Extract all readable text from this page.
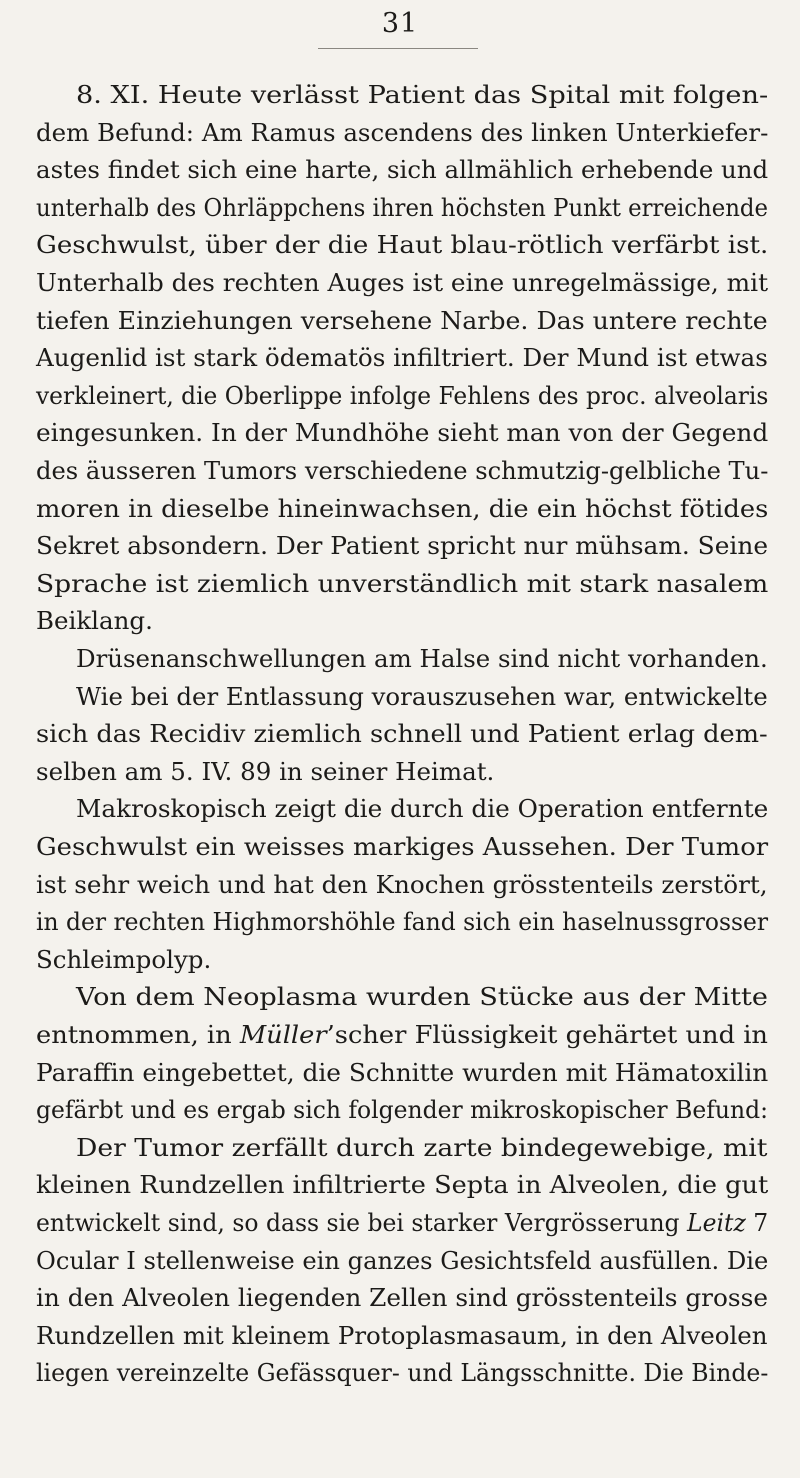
31
8. XI. Heute verlässt Patient das Spital mit folgen-
dem Befund: Am Ramus ascendens des linken Unterkiefer-
astes findet sich eine harte, sich allmählich erhebende und
unterhalb des Ohrläppchens ihren höchsten Punkt erreichende
Geschwulst, über der die Haut blau-rötlich verfärbt ist.
Unterhalb des rechten Auges ist eine unregelmässige, mit
tiefen Einziehungen versehene Narbe. Das untere rechte
Augenlid ist stark ödematös infiltriert. Der Mund ist etwas
verkleinert, die Oberlippe infolge Fehlens des proc. alveolaris
eingesunken. In der Mundhöhe sieht man von der Gegend
des äusseren Tumors verschiedene schmutzig-gelbliche Tu-
moren in dieselbe hineinwachsen, die ein höchst fötides
Sekret absondern. Der Patient spricht nur mühsam. Seine
Sprache ist ziemlich unverständlich mit stark nasalem
Beiklang.
Drüsenanschwellungen am Halse sind nicht vorhanden.
Wie bei der Entlassung vorauszusehen war, entwickelte
sich das Recidiv ziemlich schnell und Patient erlag dem-
selben am 5. IV. 89 in seiner Heimat.
Makroskopisch zeigt die durch die Operation entfernte
Geschwulst ein weisses markiges Aussehen. Der Tumor
ist sehr weich und hat den Knochen grösstenteils zerstört,
in der rechten Highmorshöhle fand sich ein haselnussgrosser
Schleimpolyp.
Von dem Neoplasma wurden Stücke aus der Mitte
entnommen, in Müller’scher Flüssigkeit gehärtet und in
Paraffin eingebettet, die Schnitte wurden mit Hämatoxilin
gefärbt und es ergab sich folgender mikroskopischer Befund:
Der Tumor zerfällt durch zarte bindegewebige, mit
kleinen Rundzellen infiltrierte Septa in Alveolen, die gut
entwickelt sind, so dass sie bei starker Vergrösserung Leitz 7
Ocular I stellenweise ein ganzes Gesichtsfeld ausfüllen. Die
in den Alveolen liegenden Zellen sind grösstenteils grosse
Rundzellen mit kleinem Protoplasmasaum, in den Alveolen
liegen vereinzelte Gefässquer- und Längsschnitte. Die Binde-
